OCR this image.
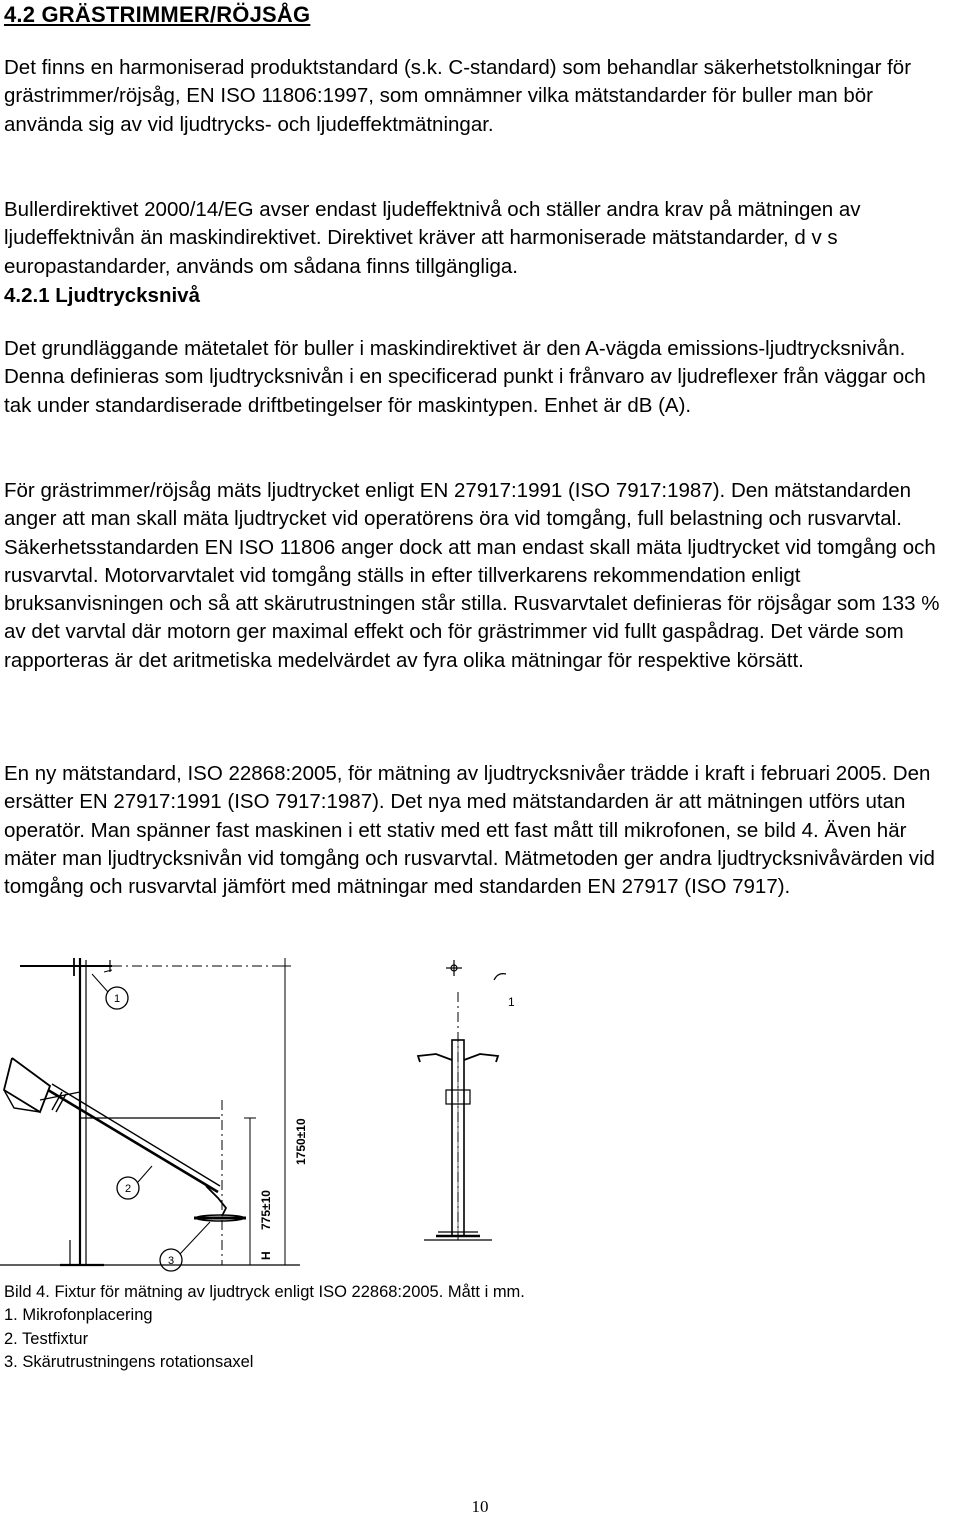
4.2 GRÄSTRIMMER/RÖJSÅG

Det finns en harmoniserad produktstandard (s.k. C-standard) som behandlar säkerhetstolkningar för grästrimmer/röjsåg, EN ISO 11806:1997, som omnämner vilka mätstandarder för buller man bör använda sig av vid ljudtrycks- och ljudeffektmätningar.

Bullerdirektivet 2000/14/EG avser endast ljudeffektnivå och ställer andra krav på mätningen av ljudeffektnivån än maskindirektivet. Direktivet kräver att harmoniserade mätstandarder, d v s europastandarder, används om sådana finns tillgängliga.

4.2.1 Ljudtrycksnivå

Det grundläggande mätetalet för buller i maskindirektivet är den A-vägda emissions-ljudtrycksnivån. Denna definieras som ljudtrycksnivån i en specificerad punkt i frånvaro av ljudreflexer från väggar och tak under standardiserade driftbetingelser för maskintypen. Enhet är dB (A).

För grästrimmer/röjsåg mäts ljudtrycket enligt EN 27917:1991 (ISO 7917:1987). Den mätstandarden anger att man skall mäta ljudtrycket vid operatörens öra vid tomgång, full belastning och rusvarvtal. Säkerhetsstandarden EN ISO 11806 anger dock att man endast skall mäta ljudtrycket vid tomgång och rusvarvtal. Motorvarvtalet vid tomgång ställs in efter tillverkarens rekommendation enligt bruksanvisningen och så att skärutrustningen står stilla. Rusvarvtalet definieras för röjsågar som 133 % av det varvtal där motorn ger maximal effekt och för grästrimmer vid fullt gaspådrag. Det värde som rapporteras är det aritmetiska medelvärdet av fyra olika mätningar för respektive körsätt.

En ny mätstandard, ISO 22868:2005, för mätning av ljudtrycksnivåer trädde i kraft i februari 2005. Den ersätter EN 27917:1991 (ISO 7917:1987). Det nya med mätstandarden är att mätningen utförs utan operatör. Man spänner fast maskinen i ett stativ med ett fast mått till mikrofonen, se bild 4. Även här mäter man ljudtrycksnivån vid tomgång och rusvarvtal. Mätmetoden ger andra ljudtrycksnivåvärden vid tomgång och rusvarvtal jämfört med mätningar med standarden EN 27917 (ISO 7917).

1
2
3
1750±10
775±10
H
1
Bild 4. Fixtur för mätning av ljudtryck enligt ISO 22868:2005. Mått i mm.
1. Mikrofonplacering
2. Testfixtur
3. Skärutrustningens rotationsaxel
10
